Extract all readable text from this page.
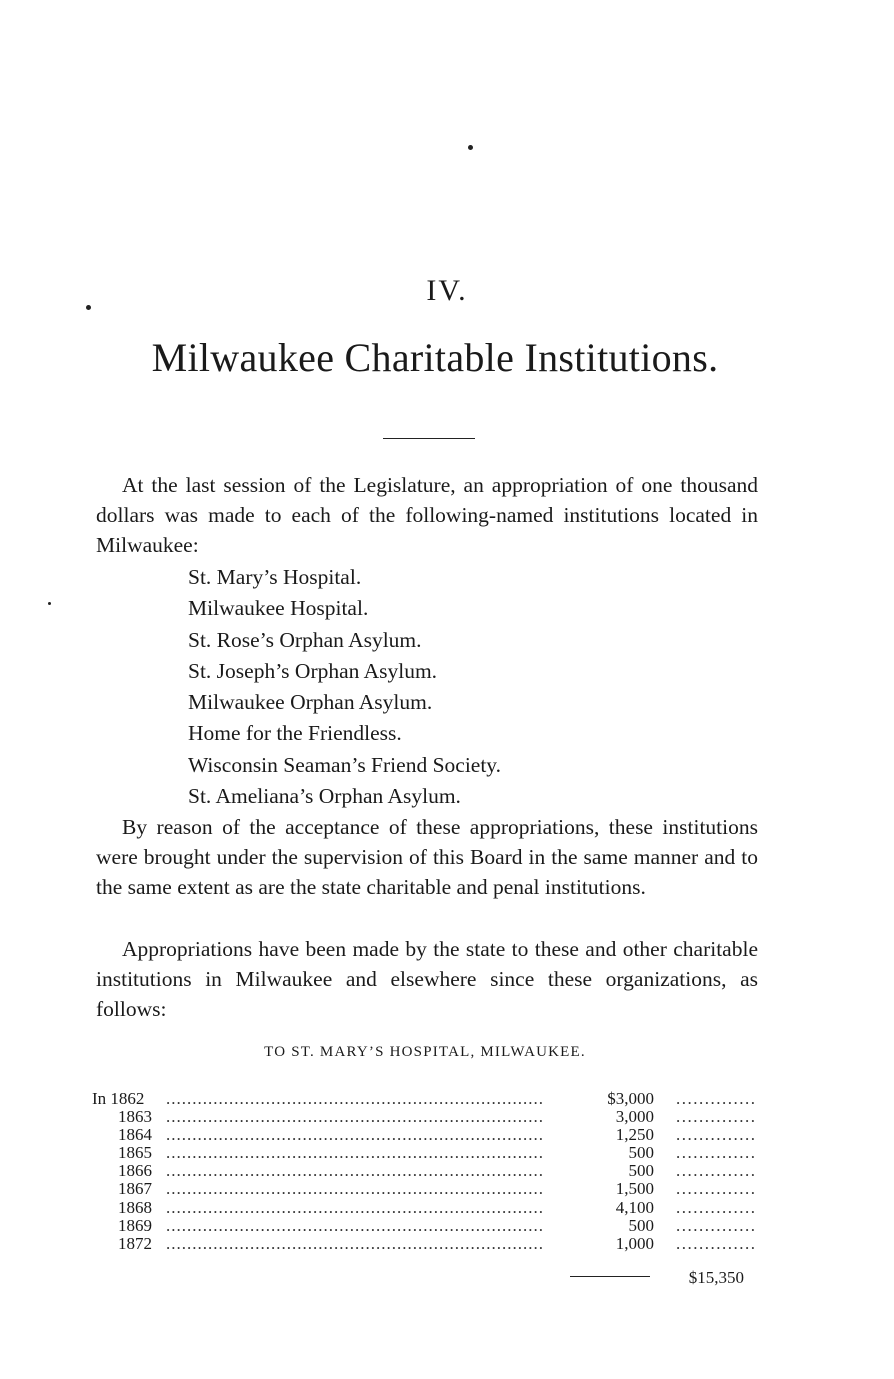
IV.
Milwaukee Charitable Institutions.

At the last session of the Legislature, an appropriation of one thousand dollars was made to each of the following-named institutions located in Milwaukee:

St. Mary’s Hospital.
Milwaukee Hospital.
St. Rose’s Orphan Asylum.
St. Joseph’s Orphan Asylum.
Milwaukee Orphan Asylum.
Home for the Friendless.
Wisconsin Seaman’s Friend Society.
St. Ameliana’s Orphan Asylum.

By reason of the acceptance of these appropriations, these institutions were brought under the supervision of this Board in the same manner and to the same extent as are the state charitable and penal institutions.

Appropriations have been made by the state to these and other charitable institutions in Milwaukee and elsewhere since these organizations, as follows:

TO ST. MARY’S HOSPITAL, MILWAUKEE.
In 1862	........................................................................	$3,000 ..............
1863 ........................................................................	3,000 ..............
1864 ........................................................................	1,250 ..............
1865 ........................................................................	500 ..............
1866 ........................................................................	500 ..............
1867 ........................................................................	1,500 ..............
1868 ........................................................................	4,100 ..............
1869 ........................................................................	500 ..............
1872 ........................................................................	1,000 ..............
$15,350
